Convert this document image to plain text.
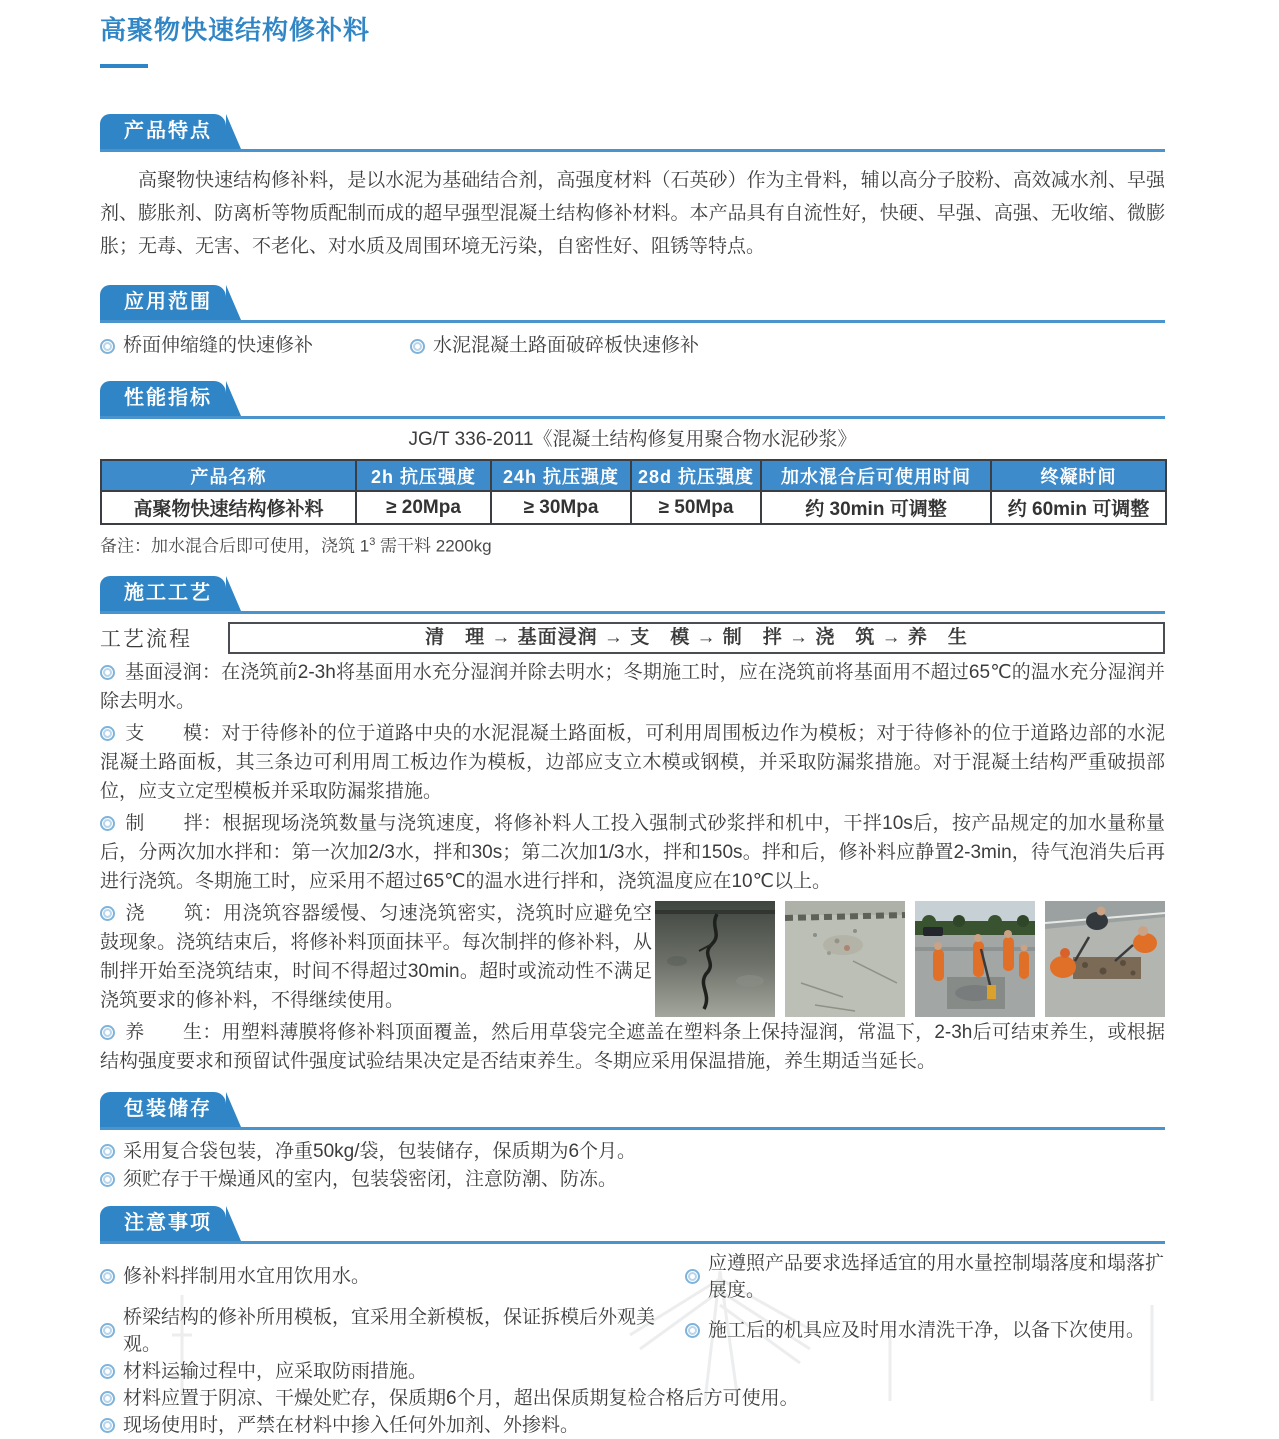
高聚物快速结构修补料
产品特点

高聚物快速结构修补料，是以水泥为基础结合剂，高强度材料（石英砂）作为主骨料，辅以高分子胶粉、高效减水剂、早强剂、膨胀剂、防离析等物质配制而成的超早强型混凝土结构修补材料。本产品具有自流性好，快硬、早强、高强、无收缩、微膨胀；无毒、无害、不老化、对水质及周围环境无污染，自密性好、阻锈等特点。

应用范围
桥面伸缩缝的快速修补	水泥混凝土路面破碎板快速修补
性能指标
JG/T 336-2011《混凝土结构修复用聚合物水泥砂浆》
产品名称	2h 抗压强度	24h 抗压强度	28d 抗压强度	加水混合后可使用时间	终凝时间
高聚物快速结构修补料	≥ 20Mpa	≥ 30Mpa	≥ 50Mpa	约 30min 可调整	约 60min 可调整

备注：加水混合后即可使用，浇筑 $1^3$ 需干料 2200kg

施工工艺
工艺流程	清　理 → 基面浸润 → 支　模 → 制　拌 → 浇　筑 → 养　生

基面浸润：在浇筑前2-3h将基面用水充分湿润并除去明水；冬期施工时，应在浇筑前将基面用不超过65℃的温水充分湿润并除去明水。

支　　模：对于待修补的位于道路中央的水泥混凝土路面板，可利用周围板边作为模板；对于待修补的位于道路边部的水泥混凝土路面板，其三条边可利用周工板边作为模板，边部应支立木模或钢模，并采取防漏浆措施。对于混凝土结构严重破损部位，应支立定型模板并采取防漏浆措施。

制　　拌：根据现场浇筑数量与浇筑速度，将修补料人工投入强制式砂浆拌和机中，干拌10s后，按产品规定的加水量称量后，分两次加水拌和：第一次加2/3水，拌和30s；第二次加1/3水，拌和150s。拌和后，修补料应静置2-3min，待气泡消失后再进行浇筑。冬期施工时，应采用不超过65℃的温水进行拌和，浇筑温度应在10℃以上。

浇　　筑：用浇筑容器缓慢、匀速浇筑密实，浇筑时应避免空鼓现象。浇筑结束后，将修补料顶面抹平。每次制拌的修补料，从制拌开始至浇筑结束，时间不得超过30min。超时或流动性不满足浇筑要求的修补料，不得继续使用。

养　　生：用塑料薄膜将修补料顶面覆盖，然后用草袋完全遮盖在塑料条上保持湿润，常温下，2-3h后可结束养生，或根据结构强度要求和预留试件强度试验结果决定是否结束养生。冬期应采用保温措施，养生期适当延长。

包装储存
采用复合袋包装，净重50kg/袋，包装储存，保质期为6个月。
须贮存于干燥通风的室内，包装袋密闭，注意防潮、防冻。
注意事项
修补料拌制用水宜用饮用水。
应遵照产品要求选择适宜的用水量控制塌落度和塌落扩展度。
桥梁结构的修补所用模板，宜采用全新模板，保证拆模后外观美观。
施工后的机具应及时用水清洗干净，以备下次使用。
材料运输过程中，应采取防雨措施。
材料应置于阴凉、干燥处贮存，保质期6个月，超出保质期复检合格后方可使用。
现场使用时，严禁在材料中掺入任何外加剂、外掺料。
